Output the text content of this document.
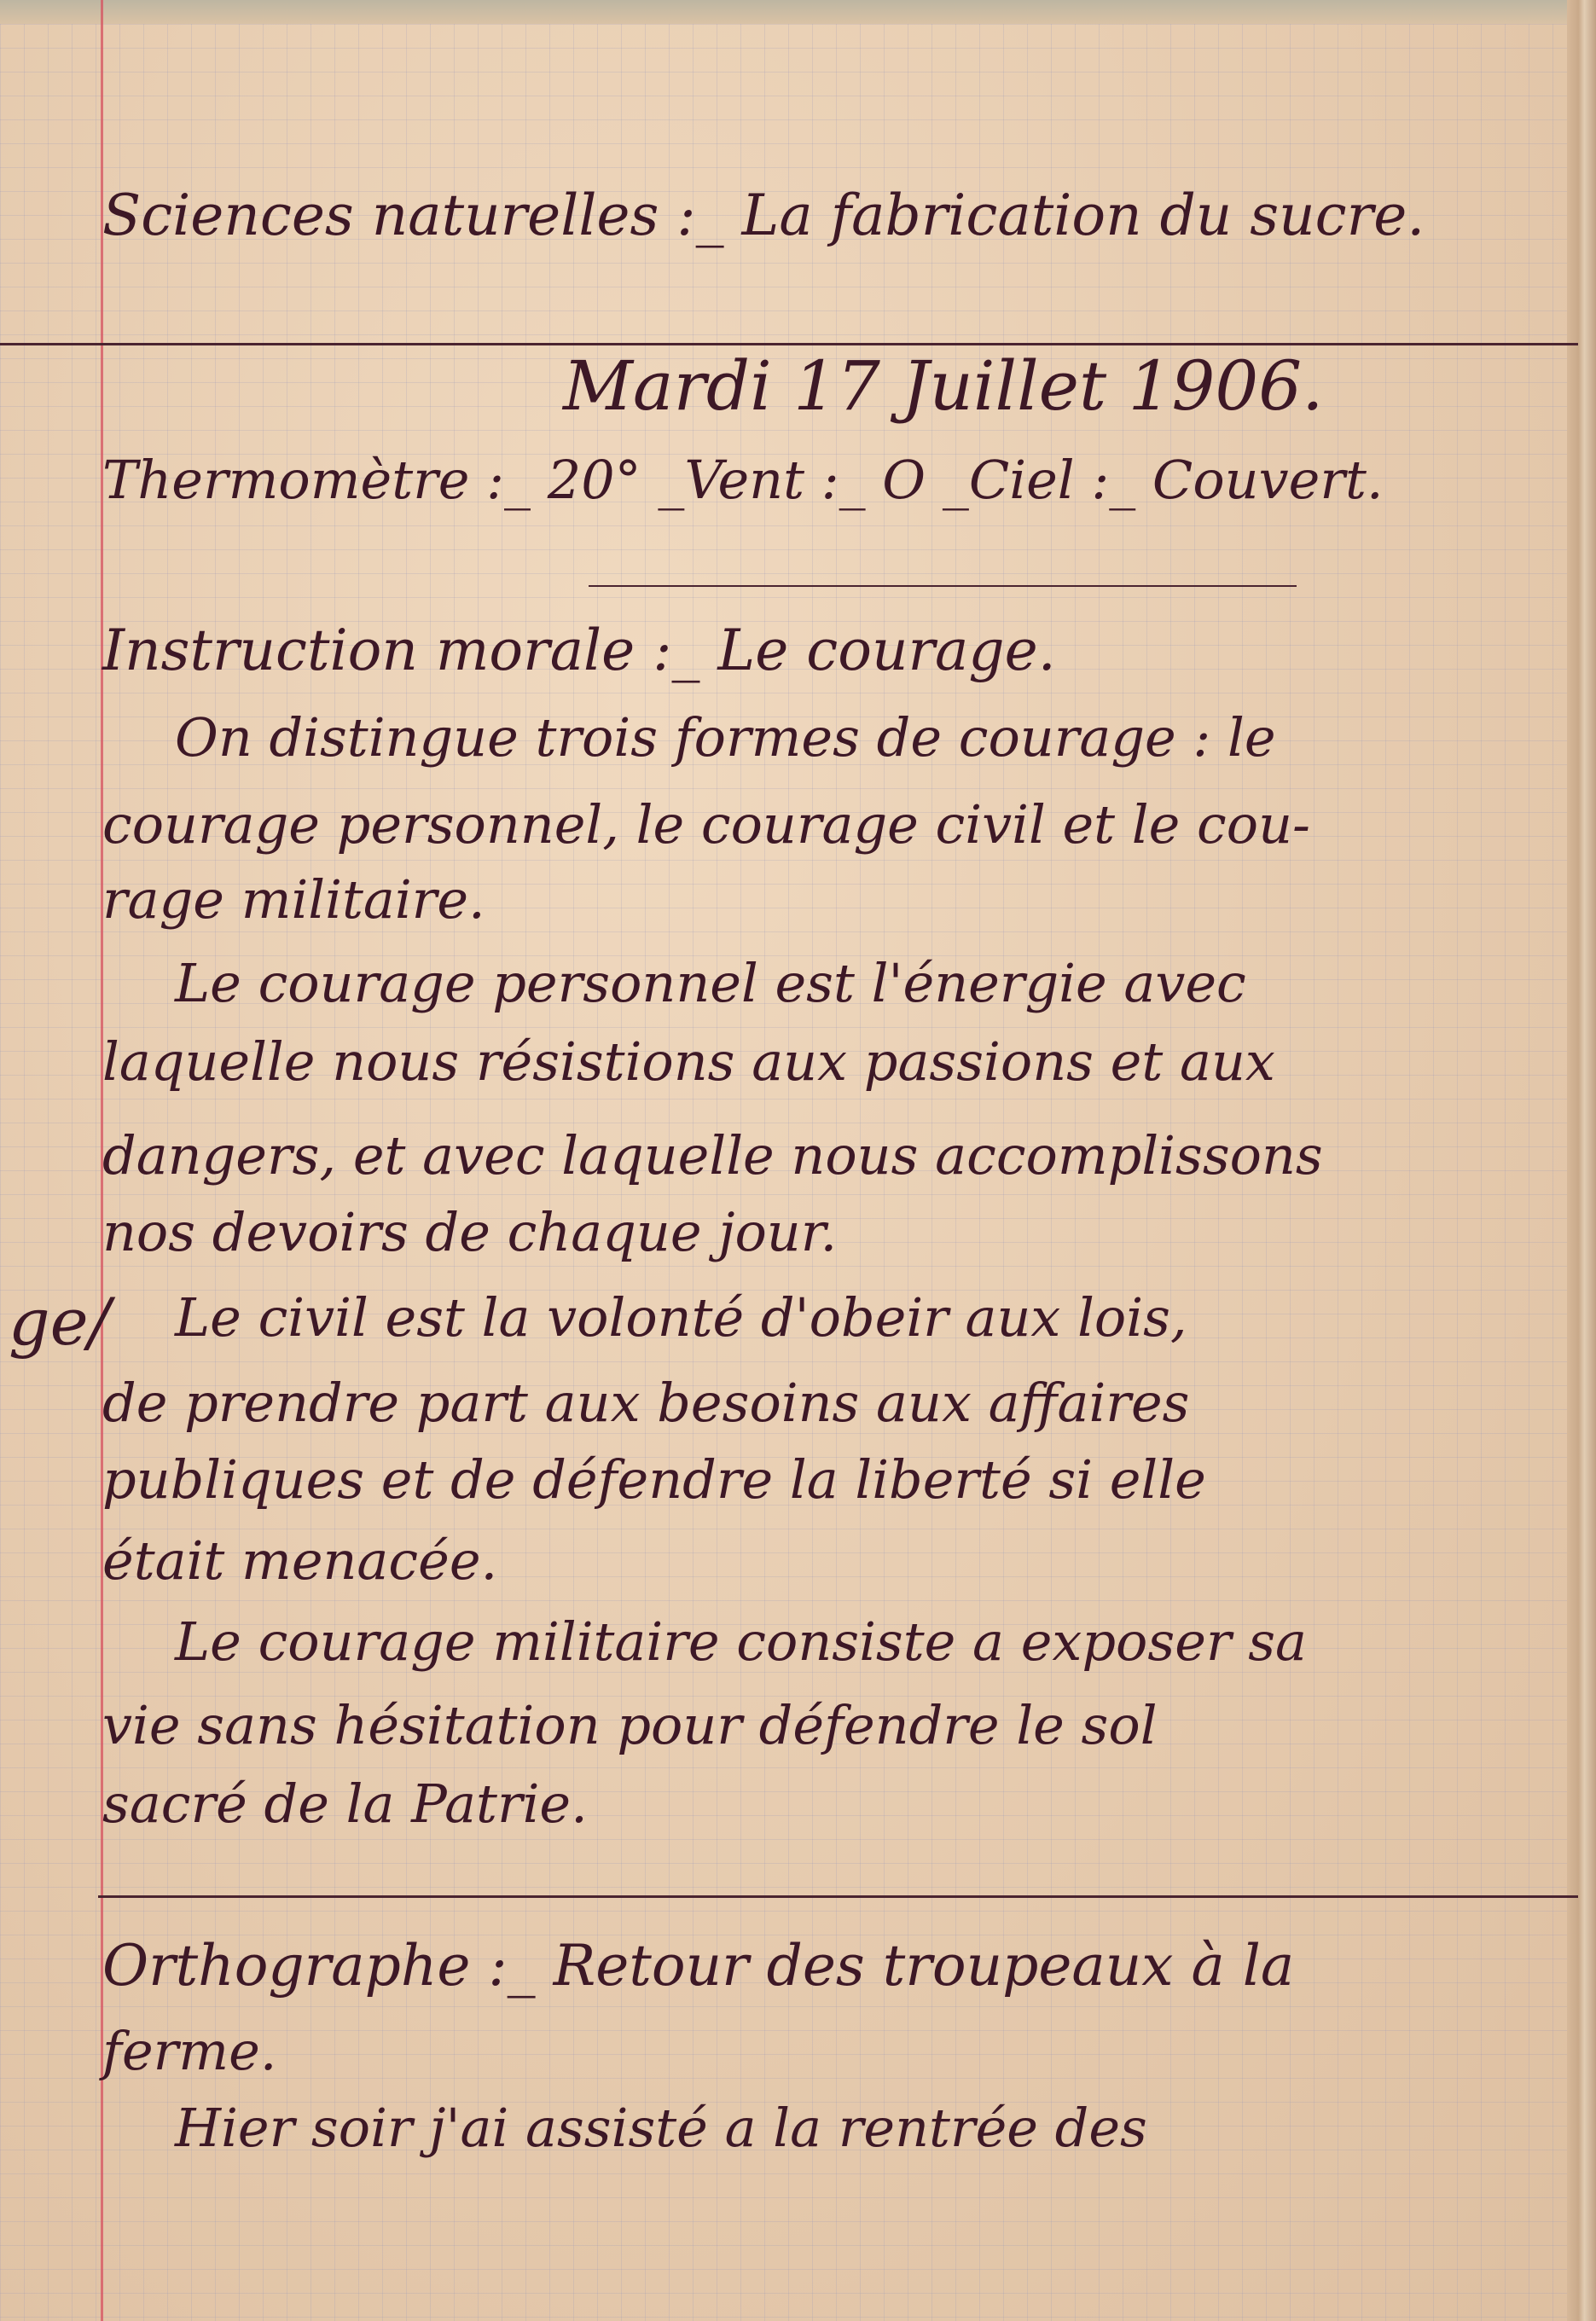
Sciences naturelles :_ La fabrication du sucre.
Mardi 17 Juillet 1906.
Thermomètre :_ 20° _Vent :_ O _Ciel :_ Couvert.
Instruction morale :_ Le courage.
On distingue trois formes de courage : le
courage personnel, le courage civil et le cou-
rage militaire.
Le courage personnel est l'énergie avec
laquelle nous résistions aux passions et aux
dangers, et avec laquelle nous accomplissons
nos devoirs de chaque jour.
ge/ Le civil est la volonté d'obeir aux lois,
de prendre part aux besoins aux affaires
publiques et de défendre la liberté si elle
était menacée.
Le courage militaire consiste a exposer sa
vie sans hésitation pour défendre le sol
sacré de la Patrie.
Orthographe :_ Retour des troupeaux à la
ferme.
Hier soir j'ai assisté a la rentrée des
